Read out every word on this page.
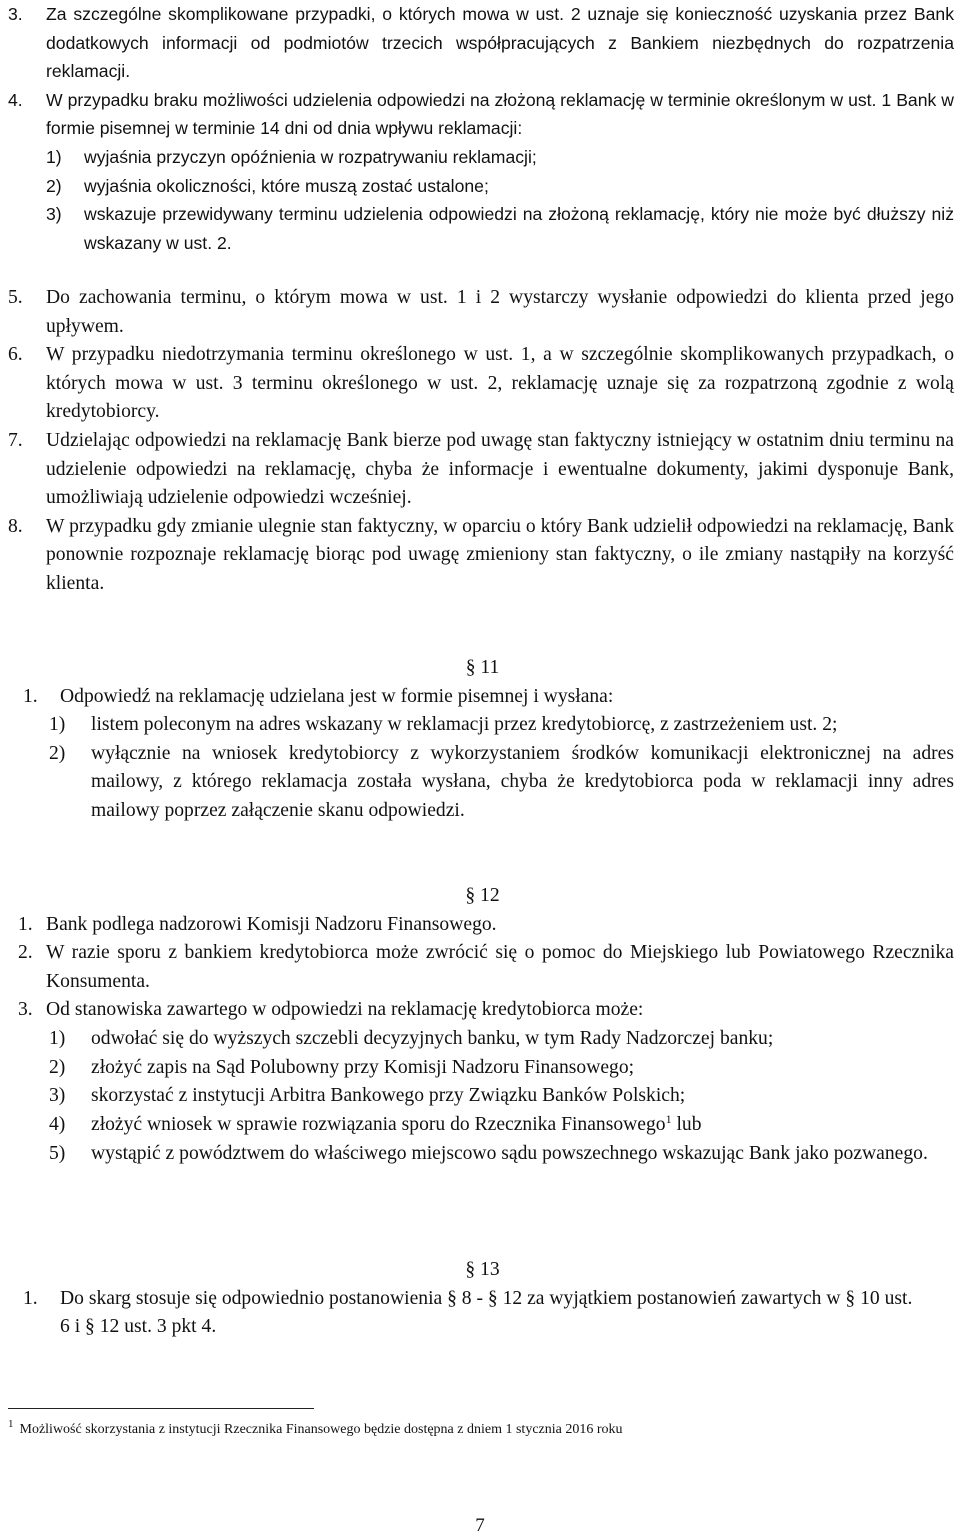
3. Za szczególne skomplikowane przypadki, o których mowa w ust. 2 uznaje się konieczność uzyskania przez Bank dodatkowych informacji od podmiotów trzecich współpracujących z Bankiem niezbędnych do rozpatrzenia reklamacji.
4. W przypadku braku możliwości udzielenia odpowiedzi na złożoną reklamację w terminie określonym w ust. 1 Bank w formie pisemnej w terminie 14 dni od dnia wpływu reklamacji:
1) wyjaśnia przyczyn opóźnienia w rozpatrywaniu reklamacji;
2) wyjaśnia okoliczności, które muszą zostać ustalone;
3) wskazuje przewidywany terminu udzielenia odpowiedzi na złożoną reklamację, który nie może być dłuższy niż wskazany w ust. 2.
5. Do zachowania terminu, o którym mowa w ust. 1 i 2 wystarczy wysłanie odpowiedzi do klienta przed jego upływem.
6. W przypadku niedotrzymania terminu określonego w ust. 1, a w szczególnie skomplikowanych przypadkach, o których mowa w ust. 3 terminu określonego w ust. 2, reklamację uznaje się za rozpatrzoną zgodnie z wolą kredytobiorcy.
7. Udzielając odpowiedzi na reklamację Bank bierze pod uwagę stan faktyczny istniejący w ostatnim dniu terminu na udzielenie odpowiedzi na reklamację, chyba że informacje i ewentualne dokumenty, jakimi dysponuje Bank, umożliwiają udzielenie odpowiedzi wcześniej.
8. W przypadku gdy zmianie ulegnie stan faktyczny, w oparciu o który Bank udzielił odpowiedzi na reklamację, Bank ponownie rozpoznaje reklamację biorąc pod uwagę zmieniony stan faktyczny, o ile zmiany nastąpiły na korzyść klienta.
§ 11
1. Odpowiedź na reklamację udzielana jest w formie pisemnej i wysłana:
1) listem poleconym na adres wskazany w reklamacji przez kredytobiorcę, z zastrzeżeniem ust. 2;
2) wyłącznie na wniosek kredytobiorcy z wykorzystaniem środków komunikacji elektronicznej na adres mailowy, z którego reklamacja została wysłana, chyba że kredytobiorca poda w reklamacji inny adres mailowy poprzez załączenie skanu odpowiedzi.
§ 12
1. Bank podlega nadzorowi Komisji Nadzoru Finansowego.
2. W razie sporu z bankiem kredytobiorca może zwrócić się o pomoc do Miejskiego lub Powiatowego Rzecznika Konsumenta.
3. Od stanowiska zawartego w odpowiedzi na reklamację kredytobiorca może:
1) odwołać się do wyższych szczebli decyzyjnych banku, w tym Rady Nadzorczej banku;
2) złożyć zapis na Sąd Polubowny przy Komisji Nadzoru Finansowego;
3) skorzystać z instytucji Arbitra Bankowego przy Związku Banków Polskich;
4) złożyć wniosek w sprawie rozwiązania sporu do Rzecznika Finansowego$^1$ lub
5) wystąpić z powództwem do właściwego miejscowo sądu powszechnego wskazując Bank jako pozwanego.
§ 13
1. Do skarg stosuje się odpowiednio postanowienia § 8 - § 12 za wyjątkiem postanowień zawartych w § 10 ust. 6 i § 12 ust. 3 pkt 4.
$^1$ Możliwość skorzystania z instytucji Rzecznika Finansowego będzie dostępna z dniem 1 stycznia 2016 roku
7
